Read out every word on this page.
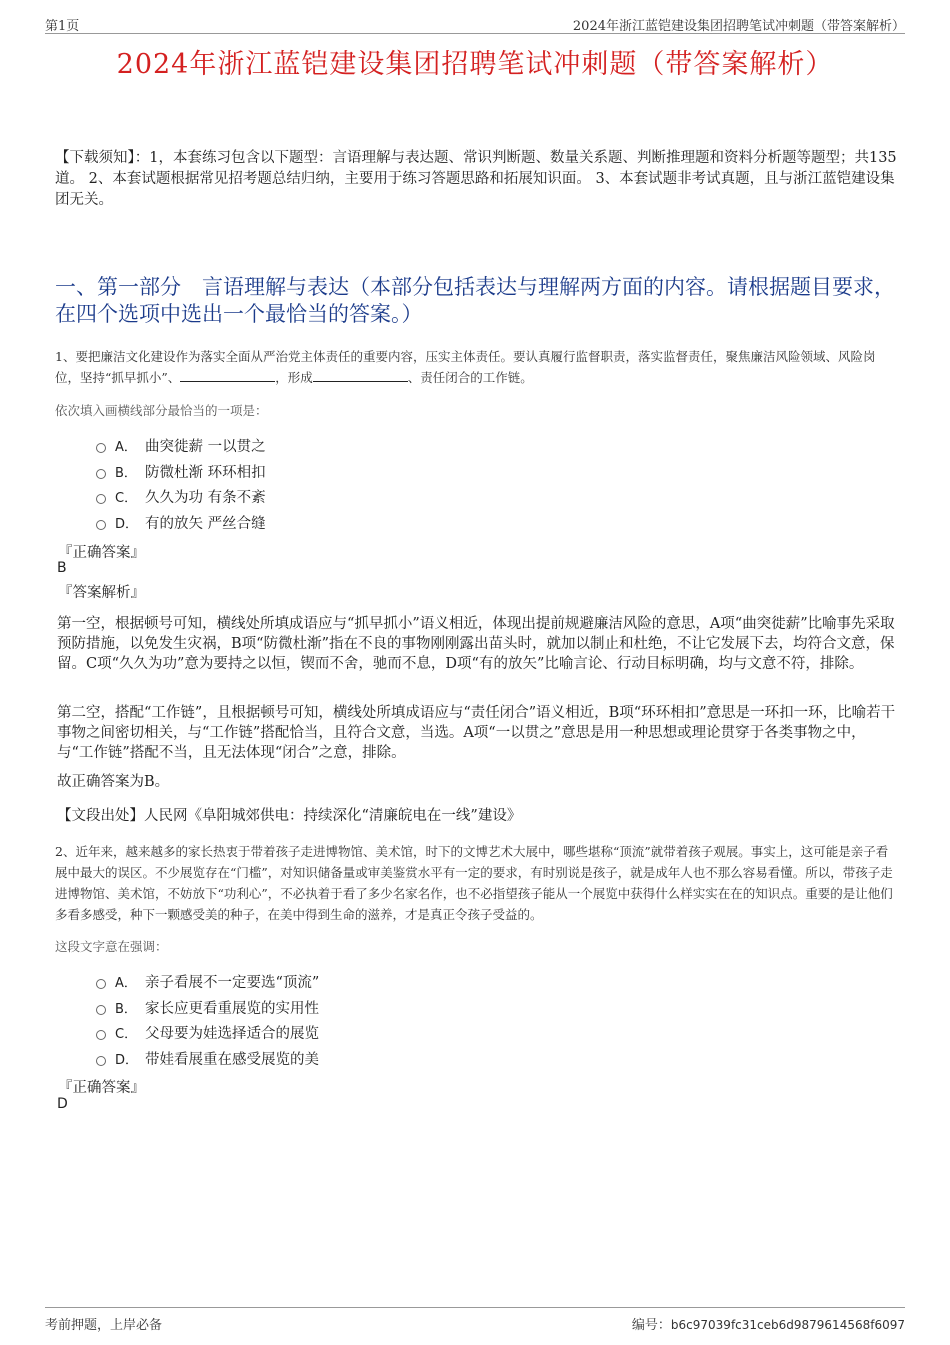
第1页	2024年浙江蓝铠建设集团招聘笔试冲刺题（带答案解析）
2024年浙江蓝铠建设集团招聘笔试冲刺题（带答案解析）
【下载须知】：1，本套练习包含以下题型：言语理解与表达题、常识判断题、数量关系题、判断推理题和资料分析题等题型；共135道。 2、本套试题根据常见招考题总结归纳，主要用于练习答题思路和拓展知识面。 3、本套试题非考试真题，且与浙江蓝铠建设集团无关。
一、第一部分　言语理解与表达（本部分包括表达与理解两方面的内容。请根据题目要求，在四个选项中选出一个最恰当的答案。）
1、要把廉洁文化建设作为落实全面从严治党主体责任的重要内容，压实主体责任。要认真履行监督职责，落实监督责任，聚焦廉洁风险领域、风险岗位，坚持“抓早抓小”、	，形成	、责任闭合的工作链。
依次填入画横线部分最恰当的一项是：
A． 曲突徙薪 一以贯之
B． 防微杜渐 环环相扣
C． 久久为功 有条不紊
D． 有的放矢 严丝合缝
『正确答案』
B
『答案解析』
第一空，根据顿号可知，横线处所填成语应与“抓早抓小”语义相近，体现出提前规避廉洁风险的意思，A项“曲突徙薪”比喻事先采取预防措施，以免发生灾祸，B项“防微杜渐”指在不良的事物刚刚露出苗头时，就加以制止和杜绝，不让它发展下去，均符合文意，保留。C项“久久为功”意为要持之以恒，锲而不舍，驰而不息，D项“有的放矢”比喻言论、行动目标明确，均与文意不符，排除。
第二空，搭配“工作链”，且根据顿号可知，横线处所填成语应与“责任闭合”语义相近，B项“环环相扣”意思是一环扣一环，比喻若干事物之间密切相关，与“工作链”搭配恰当，且符合文意，当选。A项“一以贯之”意思是用一种思想或理论贯穿于各类事物之中，与“工作链”搭配不当，且无法体现“闭合”之意，排除。
故正确答案为B。
【文段出处】人民网《阜阳城郊供电：持续深化“清廉皖电在一线”建设》
2、近年来，越来越多的家长热衷于带着孩子走进博物馆、美术馆，时下的文博艺术大展中，哪些堪称“顶流”就带着孩子观展。事实上，这可能是亲子看展中最大的误区。不少展览存在“门槛”，对知识储备量或审美鉴赏水平有一定的要求，有时别说是孩子，就是成年人也不那么容易看懂。所以，带孩子走进博物馆、美术馆，不妨放下“功利心”，不必执着于看了多少名家名作，也不必指望孩子能从一个展览中获得什么样实实在在的知识点。重要的是让他们多看多感受，种下一颗感受美的种子，在美中得到生命的滋养，才是真正令孩子受益的。
这段文字意在强调：
A． 亲子看展不一定要选“顶流”
B． 家长应更看重展览的实用性
C． 父母要为娃选择适合的展览
D． 带娃看展重在感受展览的美
『正确答案』
D
考前押题，上岸必备	编号：b6c97039fc31ceb6d9879614568f6097
